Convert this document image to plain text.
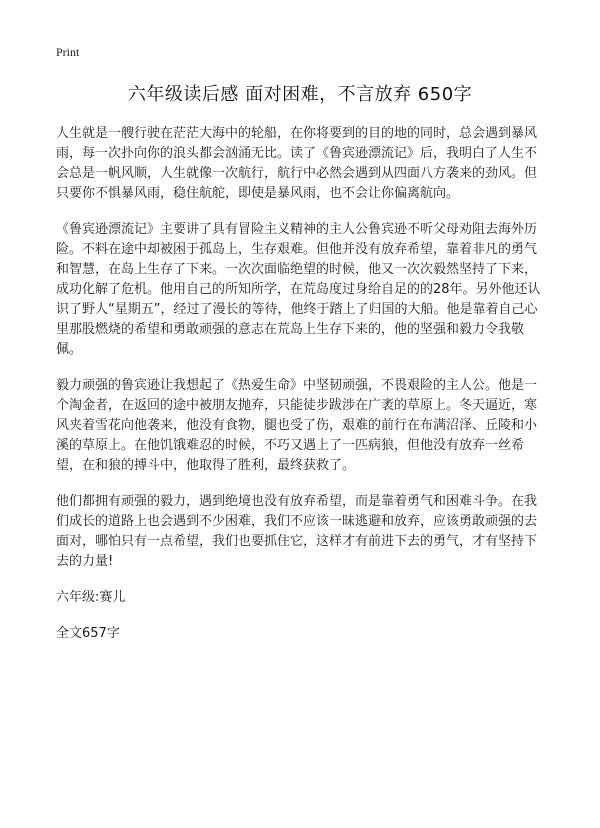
Print
六年级读后感 面对困难，不言放弃 650字

人生就是一艘行驶在茫茫大海中的轮船，在你将要到的目的地的同时，总会遇到暴风雨，每一次扑向你的浪头都会汹涌无比。读了《鲁宾逊漂流记》后，我明白了人生不会总是一帆风顺，人生就像一次航行，航行中必然会遇到从四面八方袭来的劲风。但只要你不惧暴风雨，稳住航舵，即使是暴风雨，也不会让你偏离航向。

《鲁宾逊漂流记》主要讲了具有冒险主义精神的主人公鲁宾逊不听父母劝阻去海外历险。不料在途中却被困于孤岛上，生存艰难。但他并没有放弃希望，靠着非凡的勇气和智慧，在岛上生存了下来。一次次面临绝望的时候，他又一次次毅然坚持了下来，成功化解了危机。他用自己的所知所学，在荒岛度过身给自足的的28年。另外他还认识了野人“星期五”，经过了漫长的等待，他终于踏上了归国的大船。他是靠着自己心里那股燃烧的希望和勇敢顽强的意志在荒岛上生存下来的，他的坚强和毅力令我敬佩。

毅力顽强的鲁宾逊让我想起了《热爱生命》中坚韧顽强，不畏艰险的主人公。他是一个淘金者，在返回的途中被朋友抛弃，只能徒步跋涉在广袤的草原上。冬天逼近，寒风夹着雪花向他袭来，他没有食物，腿也受了伤，艰难的前行在布满沼泽、丘陵和小溪的草原上。在他饥饿难忍的时候，不巧又遇上了一匹病狼，但他没有放弃一丝希望，在和狼的搏斗中，他取得了胜利，最终获救了。

他们都拥有顽强的毅力，遇到绝境也没有放弃希望，而是靠着勇气和困难斗争。在我们成长的道路上也会遇到不少困难，我们不应该一昧逃避和放弃，应该勇敢顽强的去面对，哪怕只有一点希望，我们也要抓住它，这样才有前进下去的勇气，才有坚持下去的力量!

六年级:赛儿

全文657字
